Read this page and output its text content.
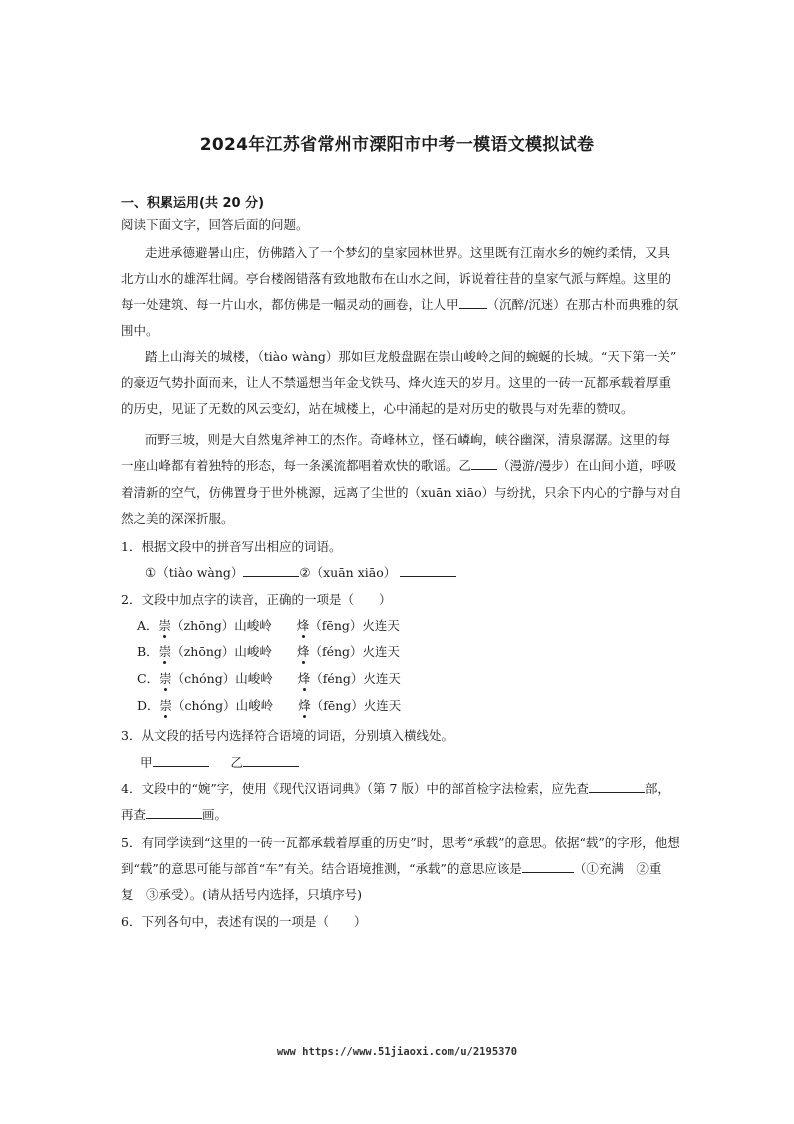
2024年江苏省常州市溧阳市中考一模语文模拟试卷
一、积累运用(共 20 分)
阅读下面文字，回答后面的问题。
走进承德避暑山庄，仿佛踏入了一个梦幻的皇家园林世界。这里既有江南水乡的婉约柔情，又具
北方山水的雄浑壮阔。亭台楼阁错落有致地散布在山水之间，诉说着往昔的皇家气派与辉煌。这里的
每一处建筑、每一片山水，都仿佛是一幅灵动的画卷，让人甲 （沉醉/沉迷）在那古朴而典雅的氛
围中。
踏上山海关的城楼，（tiào wàng）那如巨龙般盘踞在崇山峻岭之间的蜿蜒的长城。“天下第一关”
的豪迈气势扑面而来，让人不禁遥想当年金戈铁马、烽火连天的岁月。这里的一砖一瓦都承载着厚重
的历史，见证了无数的风云变幻，站在城楼上，心中涌起的是对历史的敬畏与对先辈的赞叹。
而野三坡，则是大自然鬼斧神工的杰作。奇峰林立，怪石嶙峋，峡谷幽深，清泉潺潺。这里的每
一座山峰都有着独特的形态，每一条溪流都唱着欢快的歌谣。乙 （漫游/漫步）在山间小道，呼吸
着清新的空气，仿佛置身于世外桃源，远离了尘世的（xuān xiāo）与纷扰，只余下内心的宁静与对自
然之美的深深折服。
1．根据文段中的拼音写出相应的词语。
①（tiào wàng）	②（xuān xiāo）
2．文段中加点字的读音，正确的一项是（　　）
A．崇（zhōng）山峻岭　　 烽（fēng）火连天
B．崇（zhōng）山峻岭　　 烽（féng）火连天
C．崇（chóng）山峻岭　　 烽（féng）火连天
D．崇（chóng）山峻岭　　 烽（fēng）火连天
3．从文段的括号内选择符合语境的词语，分别填入横线处。
甲	乙
4．文段中的“婉”字，使用《现代汉语词典》（第 7 版）中的部首检字法检索，应先查	部，
再查	画。
5．有同学读到“这里的一砖一瓦都承载着厚重的历史”时，思考“承载”的意思。依据“载”的字形，他想
到“载”的意思可能与部首“车”有关。结合语境推测，“承载”的意思应该是	（①充满　②重
复　③承受）。(请从括号内选择，只填序号)
6．下列各句中，表述有误的一项是（　　）
www https://www.51jiaoxi.com/u/2195370
